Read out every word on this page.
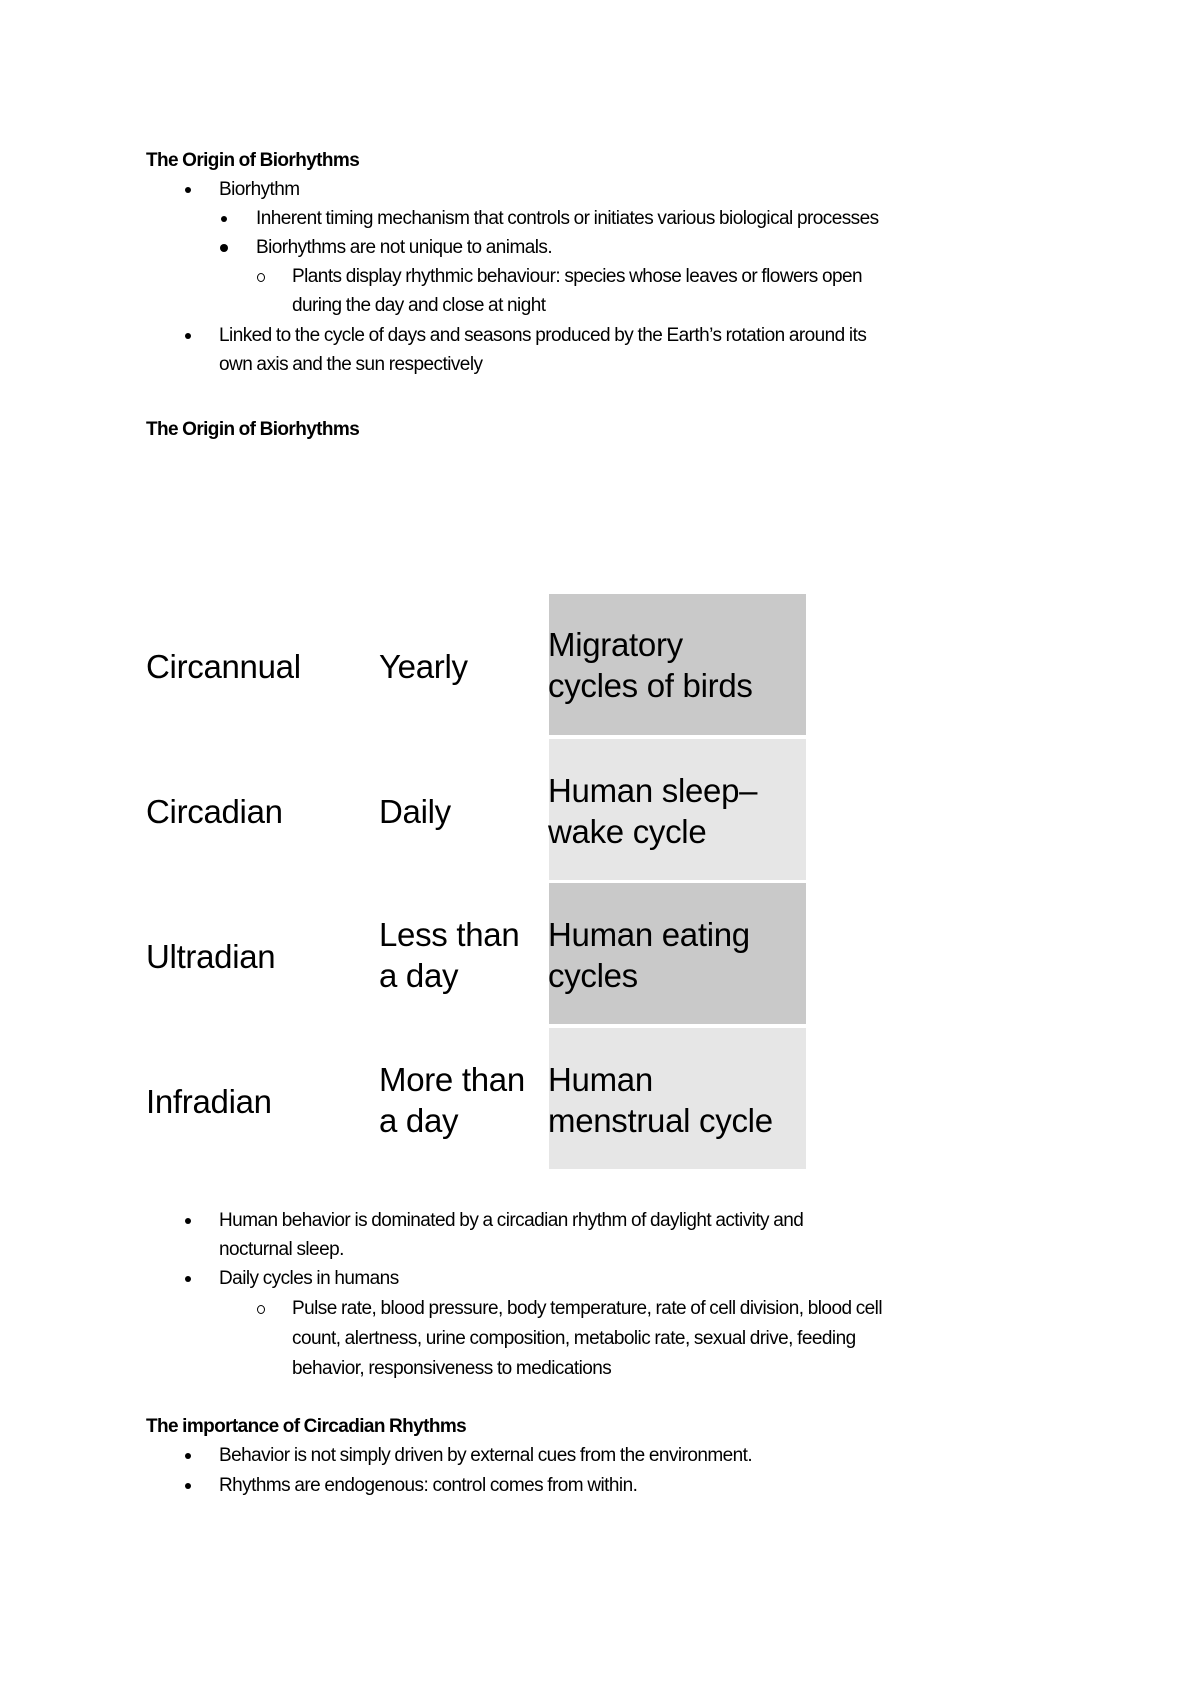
The Origin of Biorhythms
Biorhythm
Inherent timing mechanism that controls or initiates various biological processes
Biorhythms are not unique to animals.
Plants display rhythmic behaviour: species whose leaves or flowers open
during the day and close at night
Linked to the cycle of days and seasons produced by the Earth’s rotation around its
own axis and the sun respectively
The Origin of Biorhythms
Circannual Yearly
Migratory
cycles of birds
Circadian	Daily
Human sleep–
wake cycle
Ultradian
Less than
a day
Human eating
cycles
Infradian
More than
a day
Human
menstrual cycle
Human behavior is dominated by a circadian rhythm of daylight activity and
nocturnal sleep.
Daily cycles in humans
Pulse rate, blood pressure, body temperature, rate of cell division, blood cell
count, alertness, urine composition, metabolic rate, sexual drive, feeding
behavior, responsiveness to medications
The importance of Circadian Rhythms
Behavior is not simply driven by external cues from the environment.
Rhythms are endogenous: control comes from within.
